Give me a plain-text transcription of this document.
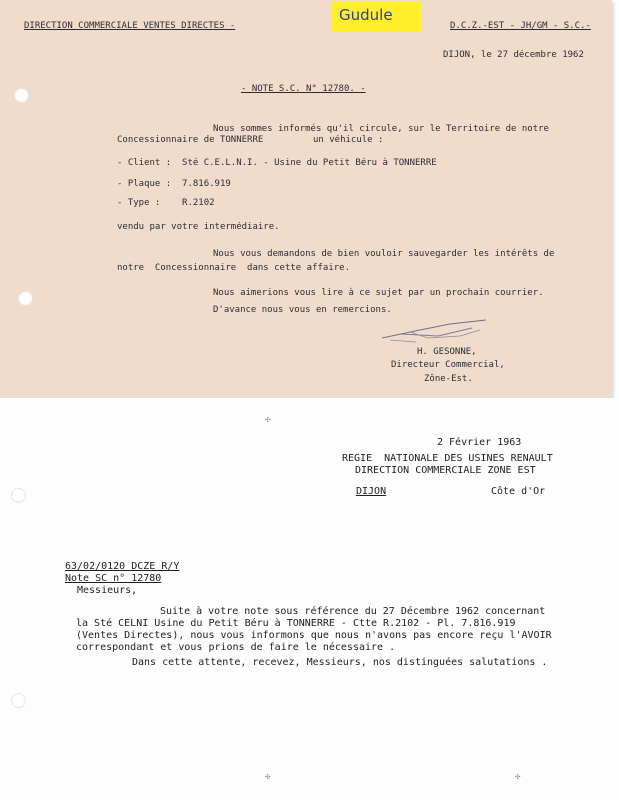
DIRECTION COMMERCIALE VENTES DIRECTES -	D.C.Z.-EST - JH/GM - S.C.-
DIJON, le 27 décembre 1962
- NOTE S.C. N° 12780. -
Nous sommes informés qu'il circule, sur le Territoire de notre
Concessionnaire de TONNERRE	un véhicule :
- Client :  Sté C.E.L.N.I. - Usine du Petit Béru à TONNERRE
- Plaque :  7.816.919
- Type :    R.2102
vendu par votre intermédiaire.
Nous vous demandons de bien vouloir sauvegarder les intérêts de
notre  Concessionnaire  dans cette affaire.
Nous aimerions vous lire à ce sujet par un prochain courrier.
D'avance nous vous en remercions.
H. GESONNE,
Directeur Commercial,
Zône-Est.
Gudule
✣
✣	✣
2 Février 1963
REGIE  NATIONALE DES USINES RENAULT
DIRECTION COMMERCIALE ZONE EST
DIJON	Côte d'Or
63/02/0120 DCZE R/Y
Note SC n° 12780
Messieurs,
Suite à votre note sous référence du 27 Décembre 1962 concernant
la Sté CELNI Usine du Petit Béru à TONNERRE - Ctte R.2102 - Pl. 7.816.919
(Ventes Directes), nous vous informons que nous n'avons pas encore reçu l'AVOIR
correspondant et vous prions de faire le nécessaire .
Dans cette attente, recevez, Messieurs, nos distinguées salutations .
